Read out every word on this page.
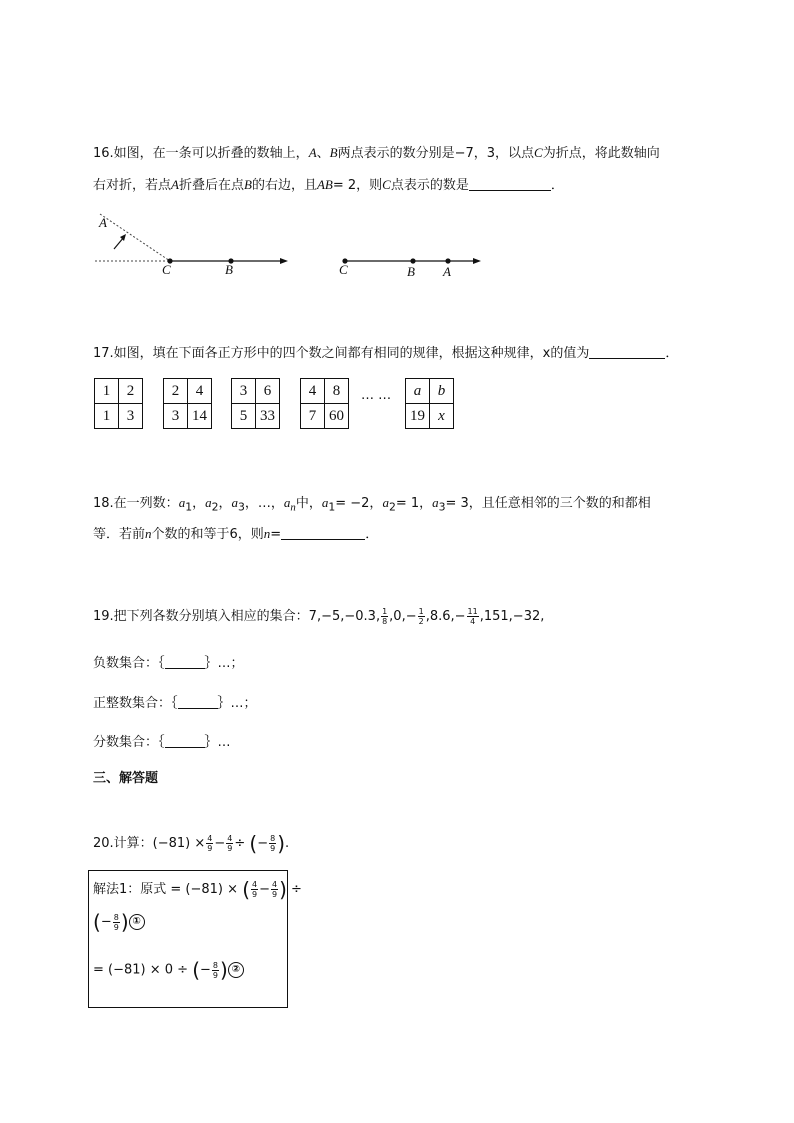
16.如图，在一条可以折叠的数轴上，A、B两点表示的数分别是−7，3，以点C为折点，将此数轴向
右对折，若点A折叠后在点B的右边，且AB= 2，则C点表示的数是	．
A
C	B	C	B A
17.如图，填在下面各正方形中的四个数之间都有相同的规律，根据这种规律，x的值为	．
1	2
1	3
2	4
3	14
3	6
5	33
4	8
7	60
… … a	b
19	x
18.在一列数：$a_1$，$a_2$，$a_3$，…，$a_n$中，$a_1= -2$，$a_2= 1$，$a_3= 3$，且任意相邻的三个数的和都相
等．若前n个数的和等于6，则n=	．
19.把下列各数分别填入相应的集合：7,−5,−0.3, $\frac{1}{8} ,0,- \frac{1}{2} ,8.6,- \frac{11}{4} ,151,-32$,
负数集合：｛	｝…；
正整数集合：｛	｝…；
分数集合：｛	｝…
三、解答题
20.计算：$(-81) \times \frac{4}{9} - \frac{4}{9}$ ÷ (− $\frac{8}{9}$ ).
解法1：原式 = (−81) × ( $\frac{4}{9} - \frac{4}{9}$ ) ÷
(− $\frac{8}{9}$ ) ①
= (−81) × 0 ÷ (− $\frac{8}{9}$ ) ②
